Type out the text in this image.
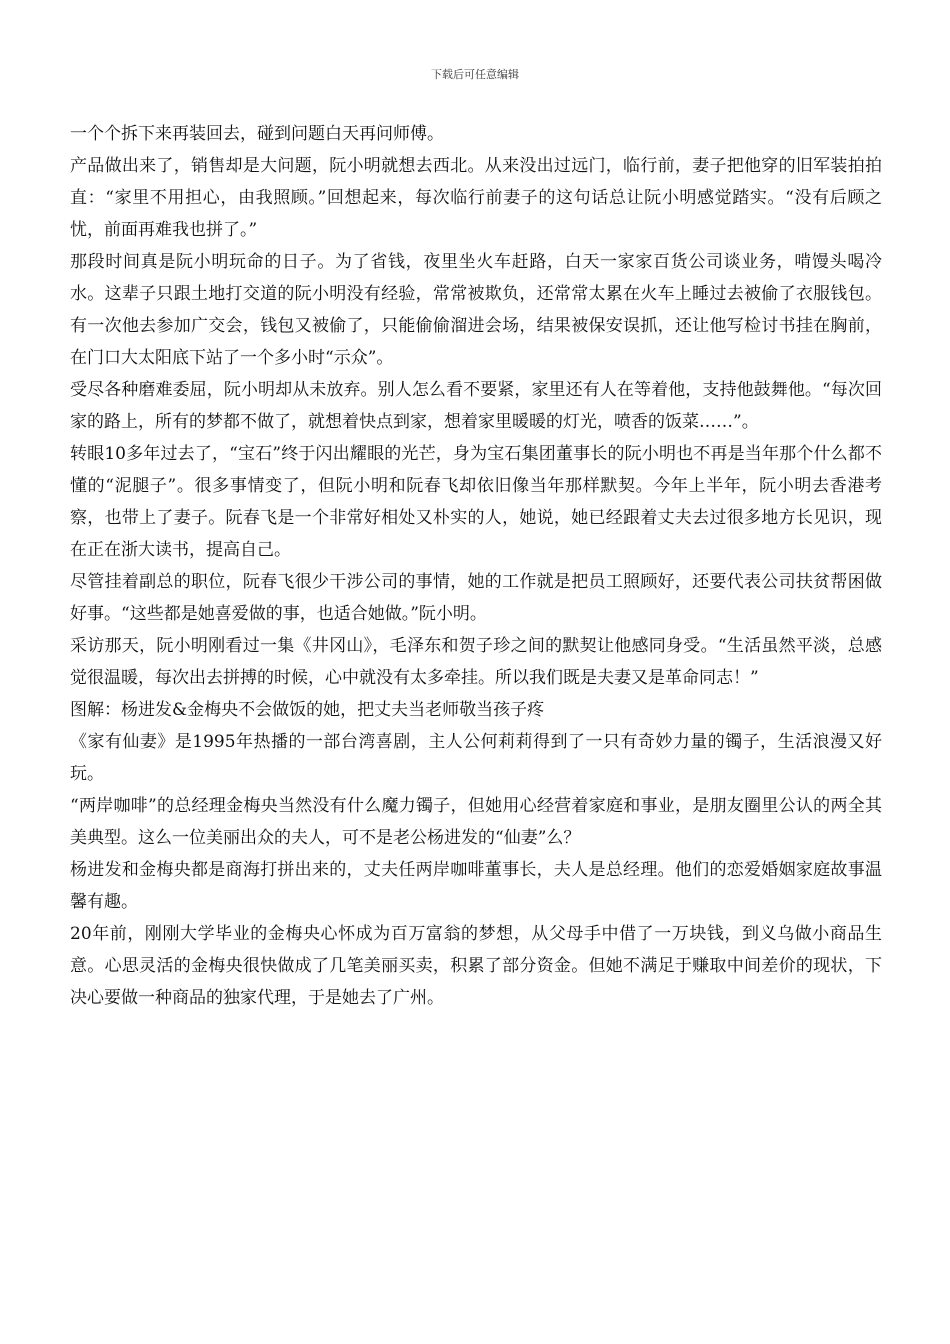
下载后可任意编辑

一个个拆下来再装回去，碰到问题白天再问师傅。

产品做出来了，销售却是大问题，阮小明就想去西北。从来没出过远门，临行前，妻子把他穿的旧军装拍拍直：“家里不用担心，由我照顾。”回想起来，每次临行前妻子的这句话总让阮小明感觉踏实。“没有后顾之忧，前面再难我也拼了。”

那段时间真是阮小明玩命的日子。为了省钱，夜里坐火车赶路，白天一家家百货公司谈业务，啃馒头喝冷水。这辈子只跟土地打交道的阮小明没有经验，常常被欺负，还常常太累在火车上睡过去被偷了衣服钱包。有一次他去参加广交会，钱包又被偷了，只能偷偷溜进会场，结果被保安误抓，还让他写检讨书挂在胸前，在门口大太阳底下站了一个多小时“示众”。

受尽各种磨难委屈，阮小明却从未放弃。别人怎么看不要紧，家里还有人在等着他，支持他鼓舞他。“每次回家的路上，所有的梦都不做了，就想着快点到家，想着家里暖暖的灯光，喷香的饭菜……”。

转眼10多年过去了，“宝石”终于闪出耀眼的光芒，身为宝石集团董事长的阮小明也不再是当年那个什么都不懂的“泥腿子”。很多事情变了，但阮小明和阮春飞却依旧像当年那样默契。今年上半年，阮小明去香港考察，也带上了妻子。阮春飞是一个非常好相处又朴实的人，她说，她已经跟着丈夫去过很多地方长见识，现在正在浙大读书，提高自己。

尽管挂着副总的职位，阮春飞很少干涉公司的事情，她的工作就是把员工照顾好，还要代表公司扶贫帮困做好事。“这些都是她喜爱做的事，也适合她做。”阮小明。

采访那天，阮小明刚看过一集《井冈山》，毛泽东和贺子珍之间的默契让他感同身受。“生活虽然平淡，总感觉很温暖，每次出去拼搏的时候，心中就没有太多牵挂。所以我们既是夫妻又是革命同志！”

图解：杨进发&金梅央不会做饭的她，把丈夫当老师敬当孩子疼

《家有仙妻》是1995年热播的一部台湾喜剧，主人公何莉莉得到了一只有奇妙力量的镯子，生活浪漫又好玩。

“两岸咖啡”的总经理金梅央当然没有什么魔力镯子，但她用心经营着家庭和事业，是朋友圈里公认的两全其美典型。这么一位美丽出众的夫人，可不是老公杨进发的“仙妻”么？

杨进发和金梅央都是商海打拼出来的，丈夫任两岸咖啡董事长，夫人是总经理。他们的恋爱婚姻家庭故事温馨有趣。

20年前，刚刚大学毕业的金梅央心怀成为百万富翁的梦想，从父母手中借了一万块钱，到义乌做小商品生意。心思灵活的金梅央很快做成了几笔美丽买卖，积累了部分资金。但她不满足于赚取中间差价的现状，下决心要做一种商品的独家代理，于是她去了广州。
